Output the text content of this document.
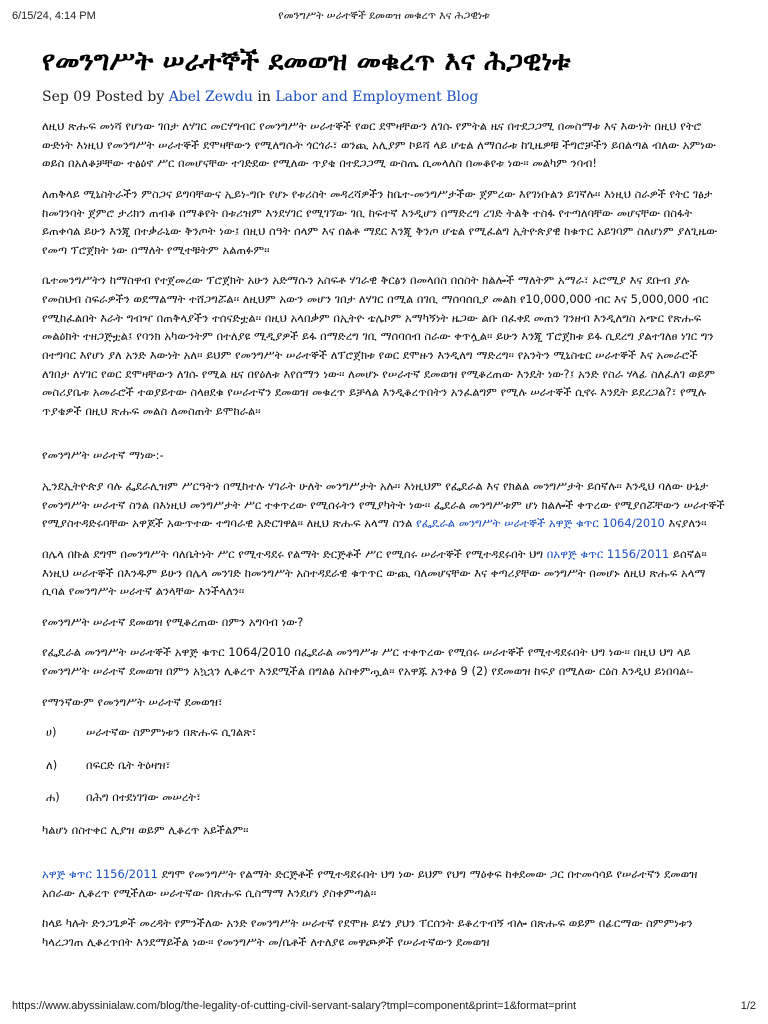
6/15/24, 4:14 PM	የመንግሥት ሠራተኞች ደመወዝ መቁረጥ እና ሕጋዊነቱ
የመንግሥት ሠራተኞች ደመወዝ መቁረጥ እና ሕጋዊነቱ
Sep 09 Posted by Abel Zewdu in Labor and Employment Blog

ለዚህ ጽሑፍ መነሻ የሆነው ገበታ ለሃገር መርሃግብር የመንግሥት ሠራተኞች የወር ደሞዛቸውን ለገሱ የምትል ዜና በተደጋጋሚ በመስማቱ እና እውነት በዚህ የትሮ ውድነት እነዚህ የመንግሥት ሠራተኞች ደሞዛቸውን የሚለግሱት ጎርጎራ፣ ወንጪ አሊያም ኮይሻ ላይ ሆቴል ለማሰራቱ ከጊዜዎቹ ችግሮቻችን ይበልጣል ብለው አምነው ወይስ በአለቆቻቸው ተፅዕኖ ሥር በመሆናቸው ተገድደው የሚለው ጥያቄ በተደጋጋሚ ውስጤ ሲመላለስ በመቆየቱ ነው፡፡ መልካም ንባብ!

ለጠቅላይ ሚኒስትራችን ምስጋና ይግባቸውና ኢይነ-ግቡ የሆኑ የቱሪስት መዳረሻዎችን ከቤተ-መንግሥታችው ጀምረው እየገነቡልን ይገኛሉ፡፡ እነዚህ ስራዎች የትር ገፅታ ከመገንባት ጀምሮ ታሪክን ጠብቆ በማቆየት በቱሪዝም እንደሃገር የሚገኘው ገቢ ከፍተኛ እንዲሆን በማድረግ ረገድ ትልቅ ተስፋ የተጣለባቸው መሆናቸው በስፋት ይጠቀሳል ይሁን እንጂ በተቃራኒው ቅንጦት ነው፤ በዚህ ሰዓት ሰላም እና በልቶ ማደር እንጂ ቅንጦ ሆቴል የሚፈልግ ኢትዮጵያዊ ከቁጥር አይገባም ስለሆነም ያለጊዜው የመጣ ፕሮጀክት ነው በማለት የሚተቹትም አልጠፉም፡፡

ቤተመንግሥትን ከማስዋብ የተጀመረው ፕሮጀክት አሁን አድማሱን አስፍቶ ሃገራዊ ቅርፅን በመላበስ በሰስት ክልሎች ማለትም አማራ፣ ኦሮሚያ እና ደቡብ ያሉ የመስህብ ስፍራዎችን ወደማልማት ተሸጋግሯል፡፡ ለዚህም አውን መሆን ገበታ ለሃገር በሚል በገቢ ማሰባሰቢያ መልክ የ10,000,000 ብር እና 5,000,000 ብር የሚከፈልበት እራት ግብዣ በጠቅላያችን ተሰናድቷል፡፡ በዚህ አላበቃም በኢትዮ ቴሌኮም አማካኝነት ዜጋው ልቡ በፈቀደ መጠን ገንዘብ እንዲለግስ አጭር የጽሑፍ መልዕክት ተዘጋጅቷል፤ የባንክ አካውንትም በተለያዩ ሚዲያዎች ይፋ በማድረግ ገቢ ማሰባሰብ ስራው ቀጥሏል፡፡ ይሁን እንጂ ፕሮጀክቱ ይፋ ሲደረግ ያልተገለፀ ነገር ግን በተግባር እየሆነ ያለ አንድ እውነት አለ፡፡ ይህም የመንግሥት ሠራተኞች ለፕሮጀክቱ የወር ደሞዙን እንዲለግ ማድረግ፡፡ የአንትን ሚኒስቴር ሠራተኞች እና አመራሮች ለገበታ ለሃገር የወር ደሞዛቸውን ለገሱ የሚል ዜና በየዕለቱ እየሰማን ነው፡፡ ለመሆኑ የሠራተኛ ደመወዝ የሚቆረጠው እንዴት ነው?፤ አንድ የስራ ሃላፊ ስለፈለገ ወይም መስሪያቤቱ አመራሮች ተወያይተው ስላፀደቁ የሠራተኛን ደመወዝ መቁረጥ ይቻላል እንዲቆረጥበትን አንፈልግም የሚሉ ሠራተኞች ሲኖሩ እንዴት ይደረጋል?፣ የሚሉ ጥያቄዎች በዚህ ጽሑፍ መልስ ለመስጠት ይሞከራል፡፡

የመንግሥት ሠራተኛ ማነው:-

ኢንደኢትዮጵያ ባሉ ፌደራሊዝም ሥርዓትን በሚከተሉ ሃገራት ሁለት መንግሥታት አሉ፡፡ እነዚህም የፌደራል እና የክልል መንግሥታት ይሰኛሉ፡፡ እንዲህ ባለው ሁኔታ የመንግሥት ሠራተኛ ስንል በእነዚህ መንግሥታት ሥር ተቀጥረው የሚሰሩትን የሚያካትት ነው፡፡ ፌደራል መንግሥቱም ሆነ ክልሎች ቀጥረው የሚያሰሯቸውን ሠራተኞች የሚያስተዳድሩባቸው አዋጆች አውጥተው ተግባራዊ አድርገዋል፡፡ ለዚህ ጽሑፍ አላማ ስንል የፌዴራል መንግሥት ሠራተኞች አዋጅ ቁጥር 1064/2010 እናያለን፡፡

በሌላ በኩል ደግሞ በመንግሥት ባለቤትነት ሥር የሚተዳደሩ የልማት ድርጅቶች ሥር የሚሰሩ ሠራተኞች የሚተዳደሩበት ህግ በአዋጅ ቁጥር 1156/2011 ይሰኛል፡፡ እነዚህ ሠራተኞች በእንዱም ይሁን በሌላ መንገድ ከመንግሥት አስተዳደራዊ ቁጥጥር ውጪ ባለመሆናቸው እና ቀጣሪያቸው መንግሥት በመሆኑ ለዚህ ጽሑፍ አላማ ሲባል የመንግሥት ሠራተኛ ልንላቸው እንችላለን፡፡

የመንግሥት ሠራተኛ ደመወዝ የሚቆረጠው በምን አግባብ ነው?

የፌዴራል መንግሥት ሠራተኞች አዋጅ ቁጥር 1064/2010 በፌደራል መንግሥቱ ሥር ተቀጥረው የሚሰሩ ሠራተኞች የሚተዳደሩበት ህግ ነው፡፡ በዚህ ህግ ላይ የመንግሥት ሠራተኛ ደመወዝ በምን አኳኋን ሊቆረጥ እንደሚችል በግልፅ አስቀምጧል፡፡ የአዋጁ አንቀፅ 9 (2) የደመወዝ ከፍያ በሚለው ርዕስ እንዲህ ይነበባል፡-

የማንኛውም የመንግሥት ሠራተኛ ደመወዝ፣

ሀ)	ሠራተኛው ስምምነቱን በጽሑፍ ሲገልጽ፣
ለ)	በፍርድ ቤት ትዕዛዝ፣
ሐ)	በሕግ በተደነገገው መሠረት፣

ካልሆነ በስተቀር ሊያዝ ወይም ሊቆረጥ አይችልም፡፡

አዋጅ ቁጥር 1156/2011 ደግሞ የመንግሥት የልማት ድርጅቶች የሚተዳደሩበት ህግ ነው ይህም የህግ ማዕቀፍ ከቀደመው ጋር በተመሳሳይ የሠራተኛን ደመወዝ አሰራው ሊቆረጥ የሚችለው ሠራተኛው በጽሑፍ ሲስማማ እንደሆነ ያስቀምጣል፡፡

ከላይ ካሉት ድንጋጌዎች መረዳት የምንችለው አንድ የመንግሥት ሠራተኛ የደሞዙ ይሄን ያህን ፐርሰንት ይቆረጥብኝ ብሎ በጽሑፍ ወይም በፊርማው ስምምነቱን ካላረጋገጠ ሊቆረጥበት እንደማይችል ነው፡፡ የመንግሥት መ/ቤቶች ለተለያዩ መዋጮዎች የሠራተኛውን ደመወዝ

https://www.abyssinialaw.com/blog/the-legality-of-cutting-civil-servant-salary?tmpl=component&print=1&format=print	1/2
